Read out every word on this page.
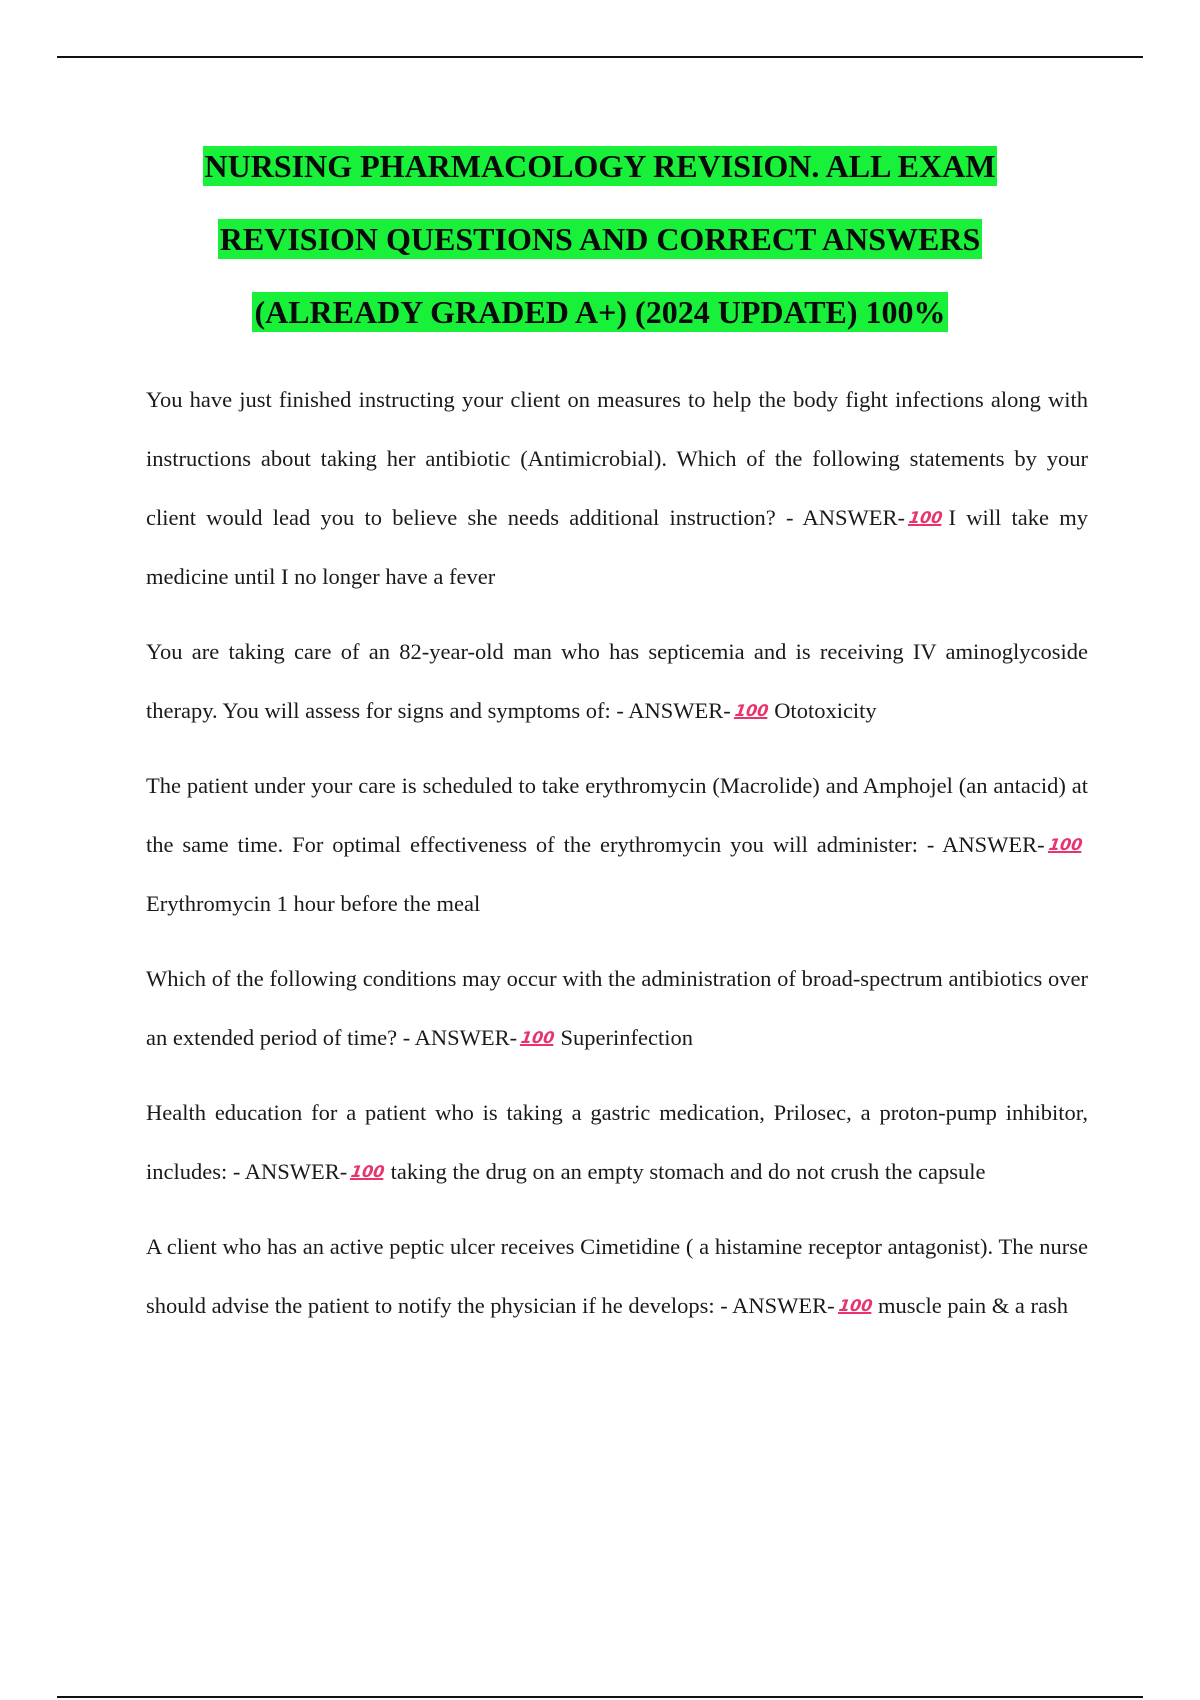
NURSING PHARMACOLOGY REVISION. ALL EXAM

REVISION QUESTIONS AND CORRECT ANSWERS

(ALREADY GRADED A+) (2024 UPDATE) 100%

You have just finished instructing your client on measures to help the body fight infections along with instructions about taking her antibiotic (Antimicrobial). Which of the following statements by your client would lead you to believe she needs additional instruction? - ANSWER- 100 I will take my medicine until I no longer have a fever

You are taking care of an 82-year-old man who has septicemia and is receiving IV aminoglycoside therapy. You will assess for signs and symptoms of: - ANSWER- 100 Ototoxicity

The patient under your care is scheduled to take erythromycin (Macrolide) and Amphojel (an antacid) at the same time. For optimal effectiveness of the erythromycin you will administer: - ANSWER- 100Erythromycin 1 hour before the meal

Which of the following conditions may occur with the administration of broad-spectrum antibiotics over an extended period of time? - ANSWER- 100 Superinfection

Health education for a patient who is taking a gastric medication, Prilosec, a proton-pump inhibitor, includes: - ANSWER- 100 taking the drug on an empty stomach and do not crush the capsule

A client who has an active peptic ulcer receives Cimetidine ( a histamine receptor antagonist). The nurse should advise the patient to notify the physician if he develops: - ANSWER- 100 muscle pain & a rash
